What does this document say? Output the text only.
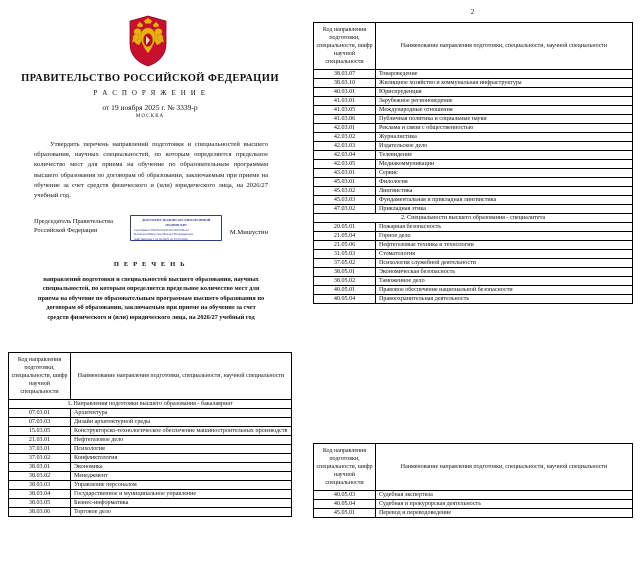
ПРАВИТЕЛЬСТВО РОССИЙСКОЙ ФЕДЕРАЦИИ
Р А С П О Р Я Ж Е Н И Е
от 19 ноября 2025 г. № 3339-р
МОСКВА
Утвердить перечень направлений подготовки и специальностей высшего образования, научных специальностей, по которым определяется предельное количество мест для приема на обучение по образовательным программам высшего образования по договорам об образовании, заключаемым при приеме на обучение за счет средств физического и (или) юридического лица, на 2026/27 учебный год.
Председатель Правительства
Российской Федерации
ДОКУМЕНТ ПОДПИСАН ЭЛЕКТРОННОЙ ПОДПИСЬЮ
Сертификат 00b6f3e5e0d5ab2c4b8c9f4a1d
Владелец Мишустин Михаил Владимирович
Действителен с 01.02.2025 до 01.05.2026
М.Мишустин
П Е Р Е Ч Е Н Ь
направлений подготовки и специальностей высшего образования, научных специальностей, по которым определяется предельное количество мест для приема на обучение по образовательным программам высшего образования по договорам об образовании, заключаемым при приеме на обучение за счет средств физического и (или) юридического лица, на 2026/27 учебный год
Код направления подготовки, специальности, шифр научной специальности	Наименование направления подготовки, специальности, научной специальности
1. Направления подготовки высшего образования - бакалавриат	
07.03.01	Архитектура
07.03.03	Дизайн архитектурной среды
15.03.05	Конструкторско-технологическое обеспечение машиностроительных производств
21.03.01	Нефтегазовое дело
37.03.01	Психология
37.03.02	Конфликтология
38.03.01	Экономика
38.03.02	Менеджмент
38.03.03	Управление персоналом
38.03.04	Государственное и муниципальное управление
38.03.05	Бизнес-информатика
38.03.06	Торговое дело
2
Код направления подготовки, специальности, шифр научной специальности	Наименование направления подготовки, специальности, научной специальности
38.03.07	Товароведение
38.03.10	Жилищное хозяйство и коммунальная инфраструктура
40.03.01	Юриспруденция
41.03.01	Зарубежное регионоведение
41.03.05	Международные отношения
41.03.06	Публичная политика и социальные науки
42.03.01	Реклама и связи с общественностью
42.03.02	Журналистика
42.03.03	Издательское дело
42.03.04	Телевидение
42.03.05	Медиакоммуникации
43.03.01	Сервис
45.03.01	Филология
45.03.02	Лингвистика
45.03.03	Фундаментальная и прикладная лингвистика
47.03.02	Прикладная этика
2. Специальности высшего образования - специалитета	
20.05.01	Пожарная безопасность
21.05.04	Горное дело
21.05.06	Нефтегазовые техника и технологии
31.05.03	Стоматология
37.05.02	Психология служебной деятельности
38.05.01	Экономическая безопасность
38.05.02	Таможенное дело
40.05.01	Правовое обеспечение национальной безопасности
40.05.04	Правоохранительная деятельность
Код направления подготовки, специальности, шифр научной специальности	Наименование направления подготовки, специальности, научной специальности
40.05.03	Судебная экспертиза
40.05.04	Судебная и прокурорская деятельность
45.05.01	Перевод и переводоведение
